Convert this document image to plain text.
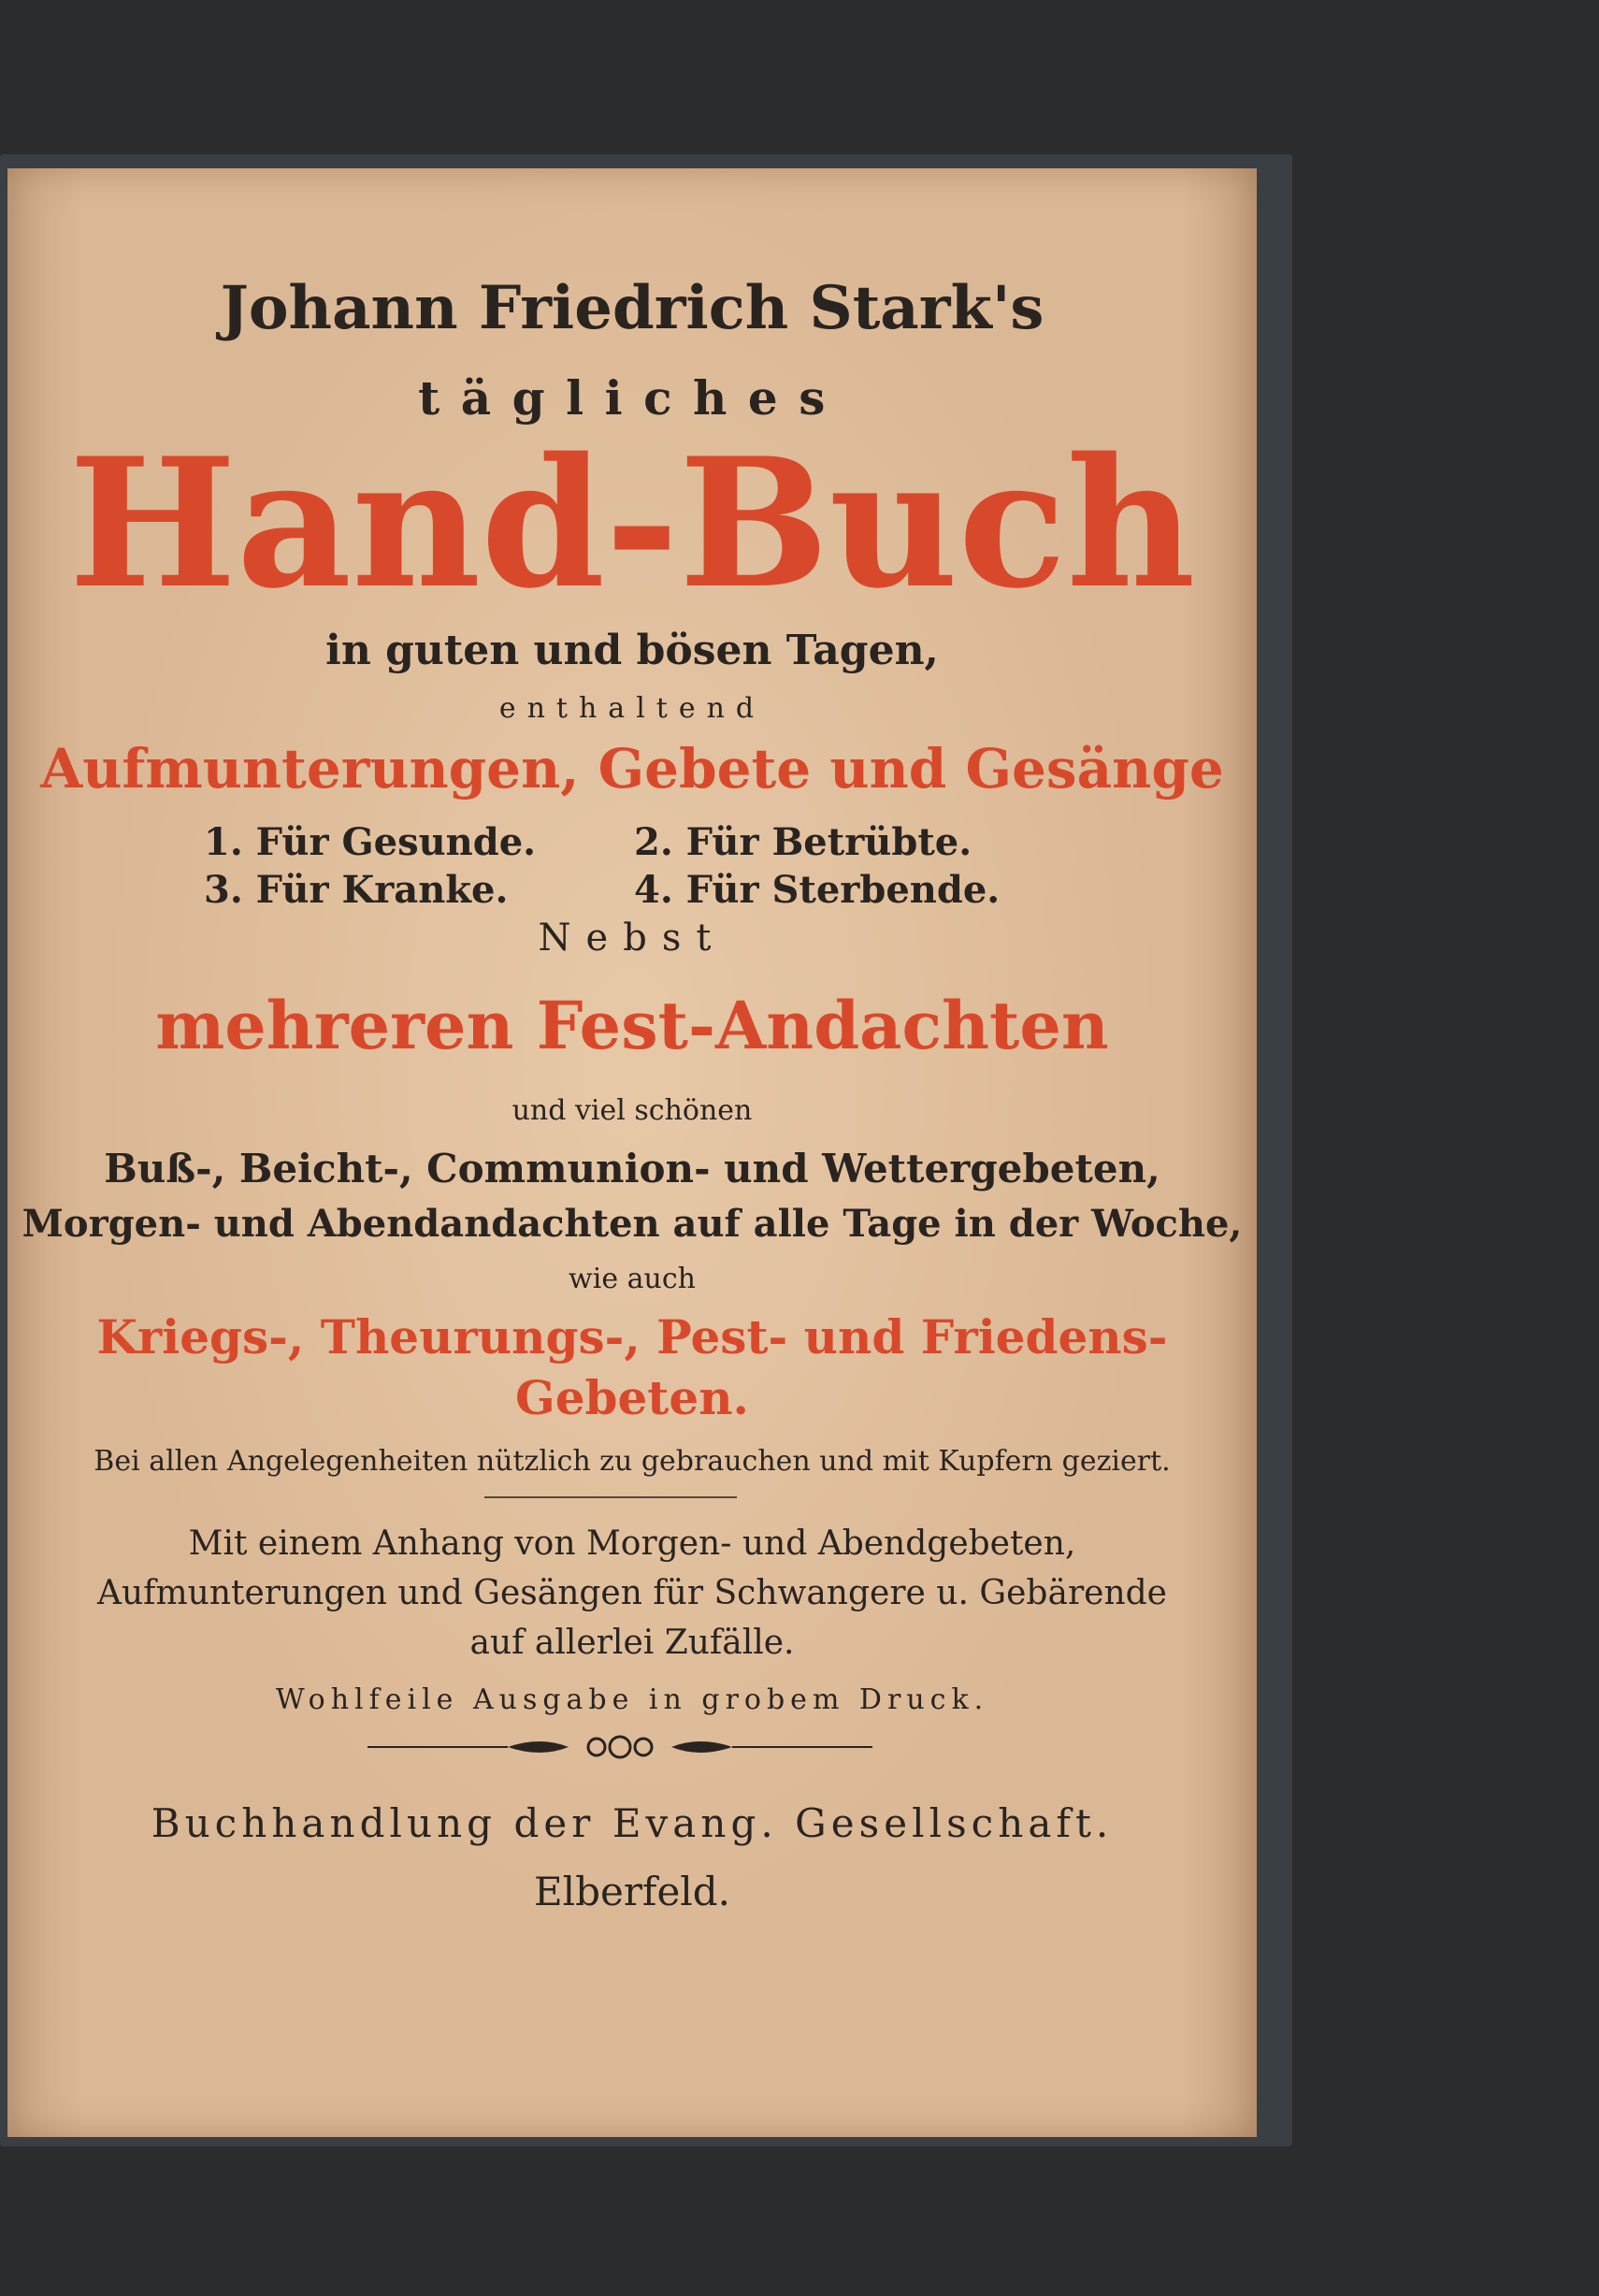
Johann Friedrich Stark's
tägliches
Hand-Buch
in guten und bösen Tagen,
enthaltend
Aufmunterungen, Gebete und Gesänge
1. Für Gesunde.	2. Für Betrübte.
3. Für Kranke.	4. Für Sterbende.
Nebst
mehreren Fest-Andachten
und viel schönen
Buß-, Beicht-, Communion- und Wettergebeten,
Morgen- und Abendandachten auf alle Tage in der Woche,
wie auch
Kriegs-, Theurungs-, Pest- und Friedens-
Gebeten.
Bei allen Angelegenheiten nützlich zu gebrauchen und mit Kupfern geziert.
Mit einem Anhang von Morgen- und Abendgebeten,
Aufmunterungen und Gesängen für Schwangere u. Gebärende
auf allerlei Zufälle.
Wohlfeile Ausgabe in grobem Druck.
Buchhandlung der Evang. Gesellschaft.
Elberfeld.
